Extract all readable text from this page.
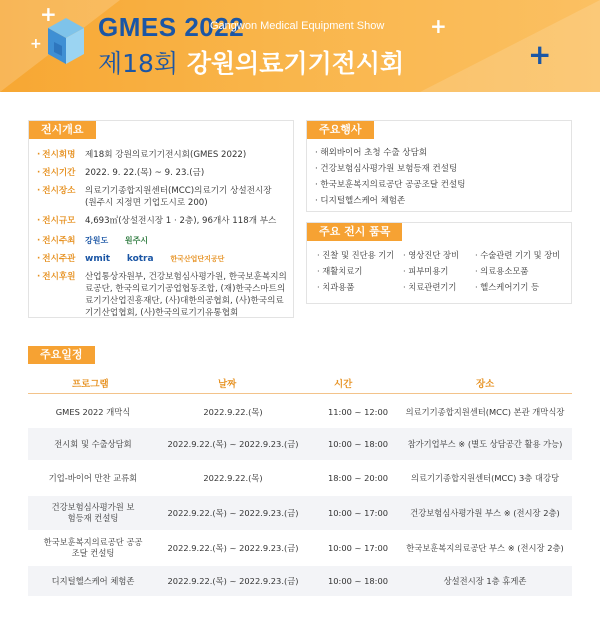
+
+
+
+
GMES 2022
Gangwon Medical Equipment Show
제18회 강원의료기기전시회
전시개요
· 전시회명	제18회 강원의료기기전시회(GMES 2022)
· 전시기간	2022. 9. 22.(목) ~ 9. 23.(금)
· 전시장소	의료기기종합지원센터(MCC)의료기기 상설전시장 (원주시 지정면 기업도시로 200)
· 전시규모	4,693㎡(상설전시장 1 · 2층), 96개사 118개 부스
· 전시주최	강원도 원주시
· 전시주관	wmit kotra 한국산업단지공단
· 전시후원	산업통상자원부, 건강보험심사평가원, 한국보훈복지의료공단, 한국의료기기공업협동조합, (재)한국스마트의료기기산업진흥재단, (사)대한의공협회, (사)한국의료기기산업협회, (사)한국의료기기유통협회
주요행사
· 해외바이어 초청 수출 상담회
· 건강보험심사평가원 보험등재 컨설팅
· 한국보훈복지의료공단 공공조달 컨설팅
· 디지털헬스케어 체험존
주요 전시 품목
· 진찰 및 진단용 기기	· 영상진단 장비	· 수술관련 기기 및 장비
· 재활치료기	· 피부미용기	· 의료용소모품
· 치과용품	· 치료관련기기	· 헬스케어기기 등
주요일정
프로그램	날짜	시간	장소
GMES 2022 개막식	2022.9.22.(목)	11:00 ~ 12:00	의료기기종합지원센터(MCC) 본관 개막식장
전시회 및 수출상담회	2022.9.22.(목) ~ 2022.9.23.(금)	10:00 ~ 18:00	참가기업부스 ※ (별도 상담공간 활용 가능)
기업-바이어 만찬 교류회	2022.9.22.(목)	18:00 ~ 20:00	의료기기종합지원센터(MCC) 3층 대강당
건강보험심사평가원 보험등재 컨설팅	2022.9.22.(목) ~ 2022.9.23.(금)	10:00 ~ 17:00	건강보험심사평가원 부스 ※ (전시장 2층)
한국보훈복지의료공단 공공조달 컨설팅	2022.9.22.(목) ~ 2022.9.23.(금)	10:00 ~ 17:00	한국보훈복지의료공단 부스 ※ (전시장 2층)
디지털헬스케어 체험존	2022.9.22.(목) ~ 2022.9.23.(금)	10:00 ~ 18:00	상설전시장 1층 휴게존
